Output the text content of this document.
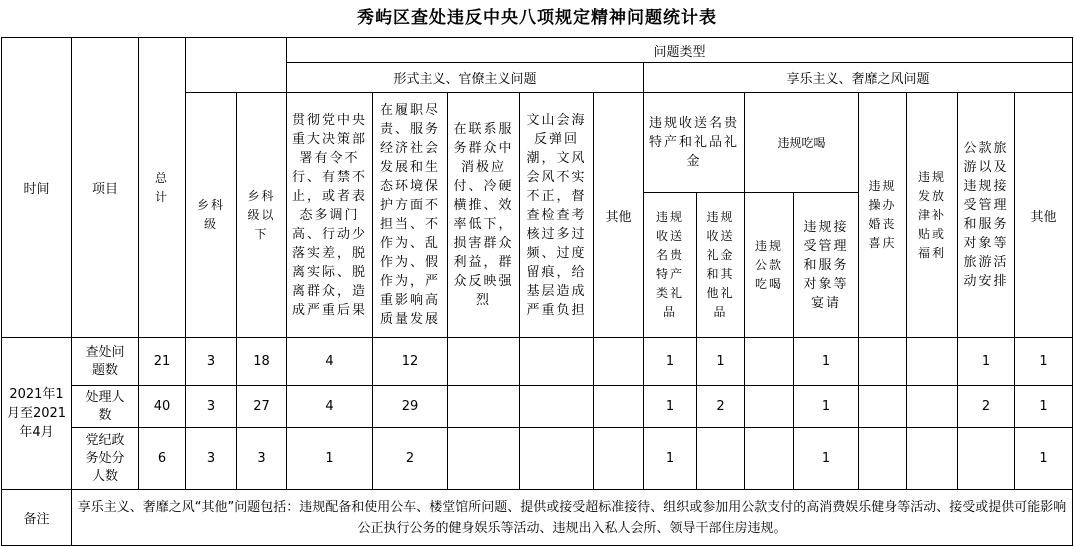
秀屿区查处违反中央八项规定精神问题统计表
时间	项目	总 计			问题类型												
					形式主义、官僚主义问题					享乐主义、奢靡之风问题							

			乡科级	乡科级以下	贯彻党中央重大决策部署有令不行、有禁不止，或者表态多调门高、行动少落实差，脱离实际、脱离群众，造成严重后果	在履职尽责、服务经济社会发展和生态环境保护方面不担当、不作为、乱作为、假作为，严重影响高质量发展	在联系服务群众中消极应付、冷硬横推、效率低下，损害群众利益，群众反映强烈	文山会海反弹回潮，文风会风不实不正，督查检查考核过多过频、过度留痕，给基层造成严重负担	其他	违规收送名贵特产和礼品礼金		违规吃喝		违规操办婚丧喜庆	违规发放津补贴或福利	公款旅游以及违规接受管理和服务对象等旅游活动安排	其他

										违规收送名贵特产类礼品	违规收送礼金和其他礼品	违规公款吃喝	违规接受管理和服务对象等宴请				

2021年1月至2021年4月	查处问题数	21	3	18	4	12				1	1		1			1	1

	处理人数	40	3	27	4	29				1	2		1			2	1

	党纪政务处分人数	6	3	3	1	2				1			1				1
备注	享乐主义、奢靡之风“其他”问题包括：违规配备和使用公车、楼堂馆所问题、提供或接受超标准接待、组织或参加用公款支付的高消费娱乐健身等活动、接受或提供可能影响公正执行公务的健身娱乐等活动、违规出入私人会所、领导干部住房违规。																
